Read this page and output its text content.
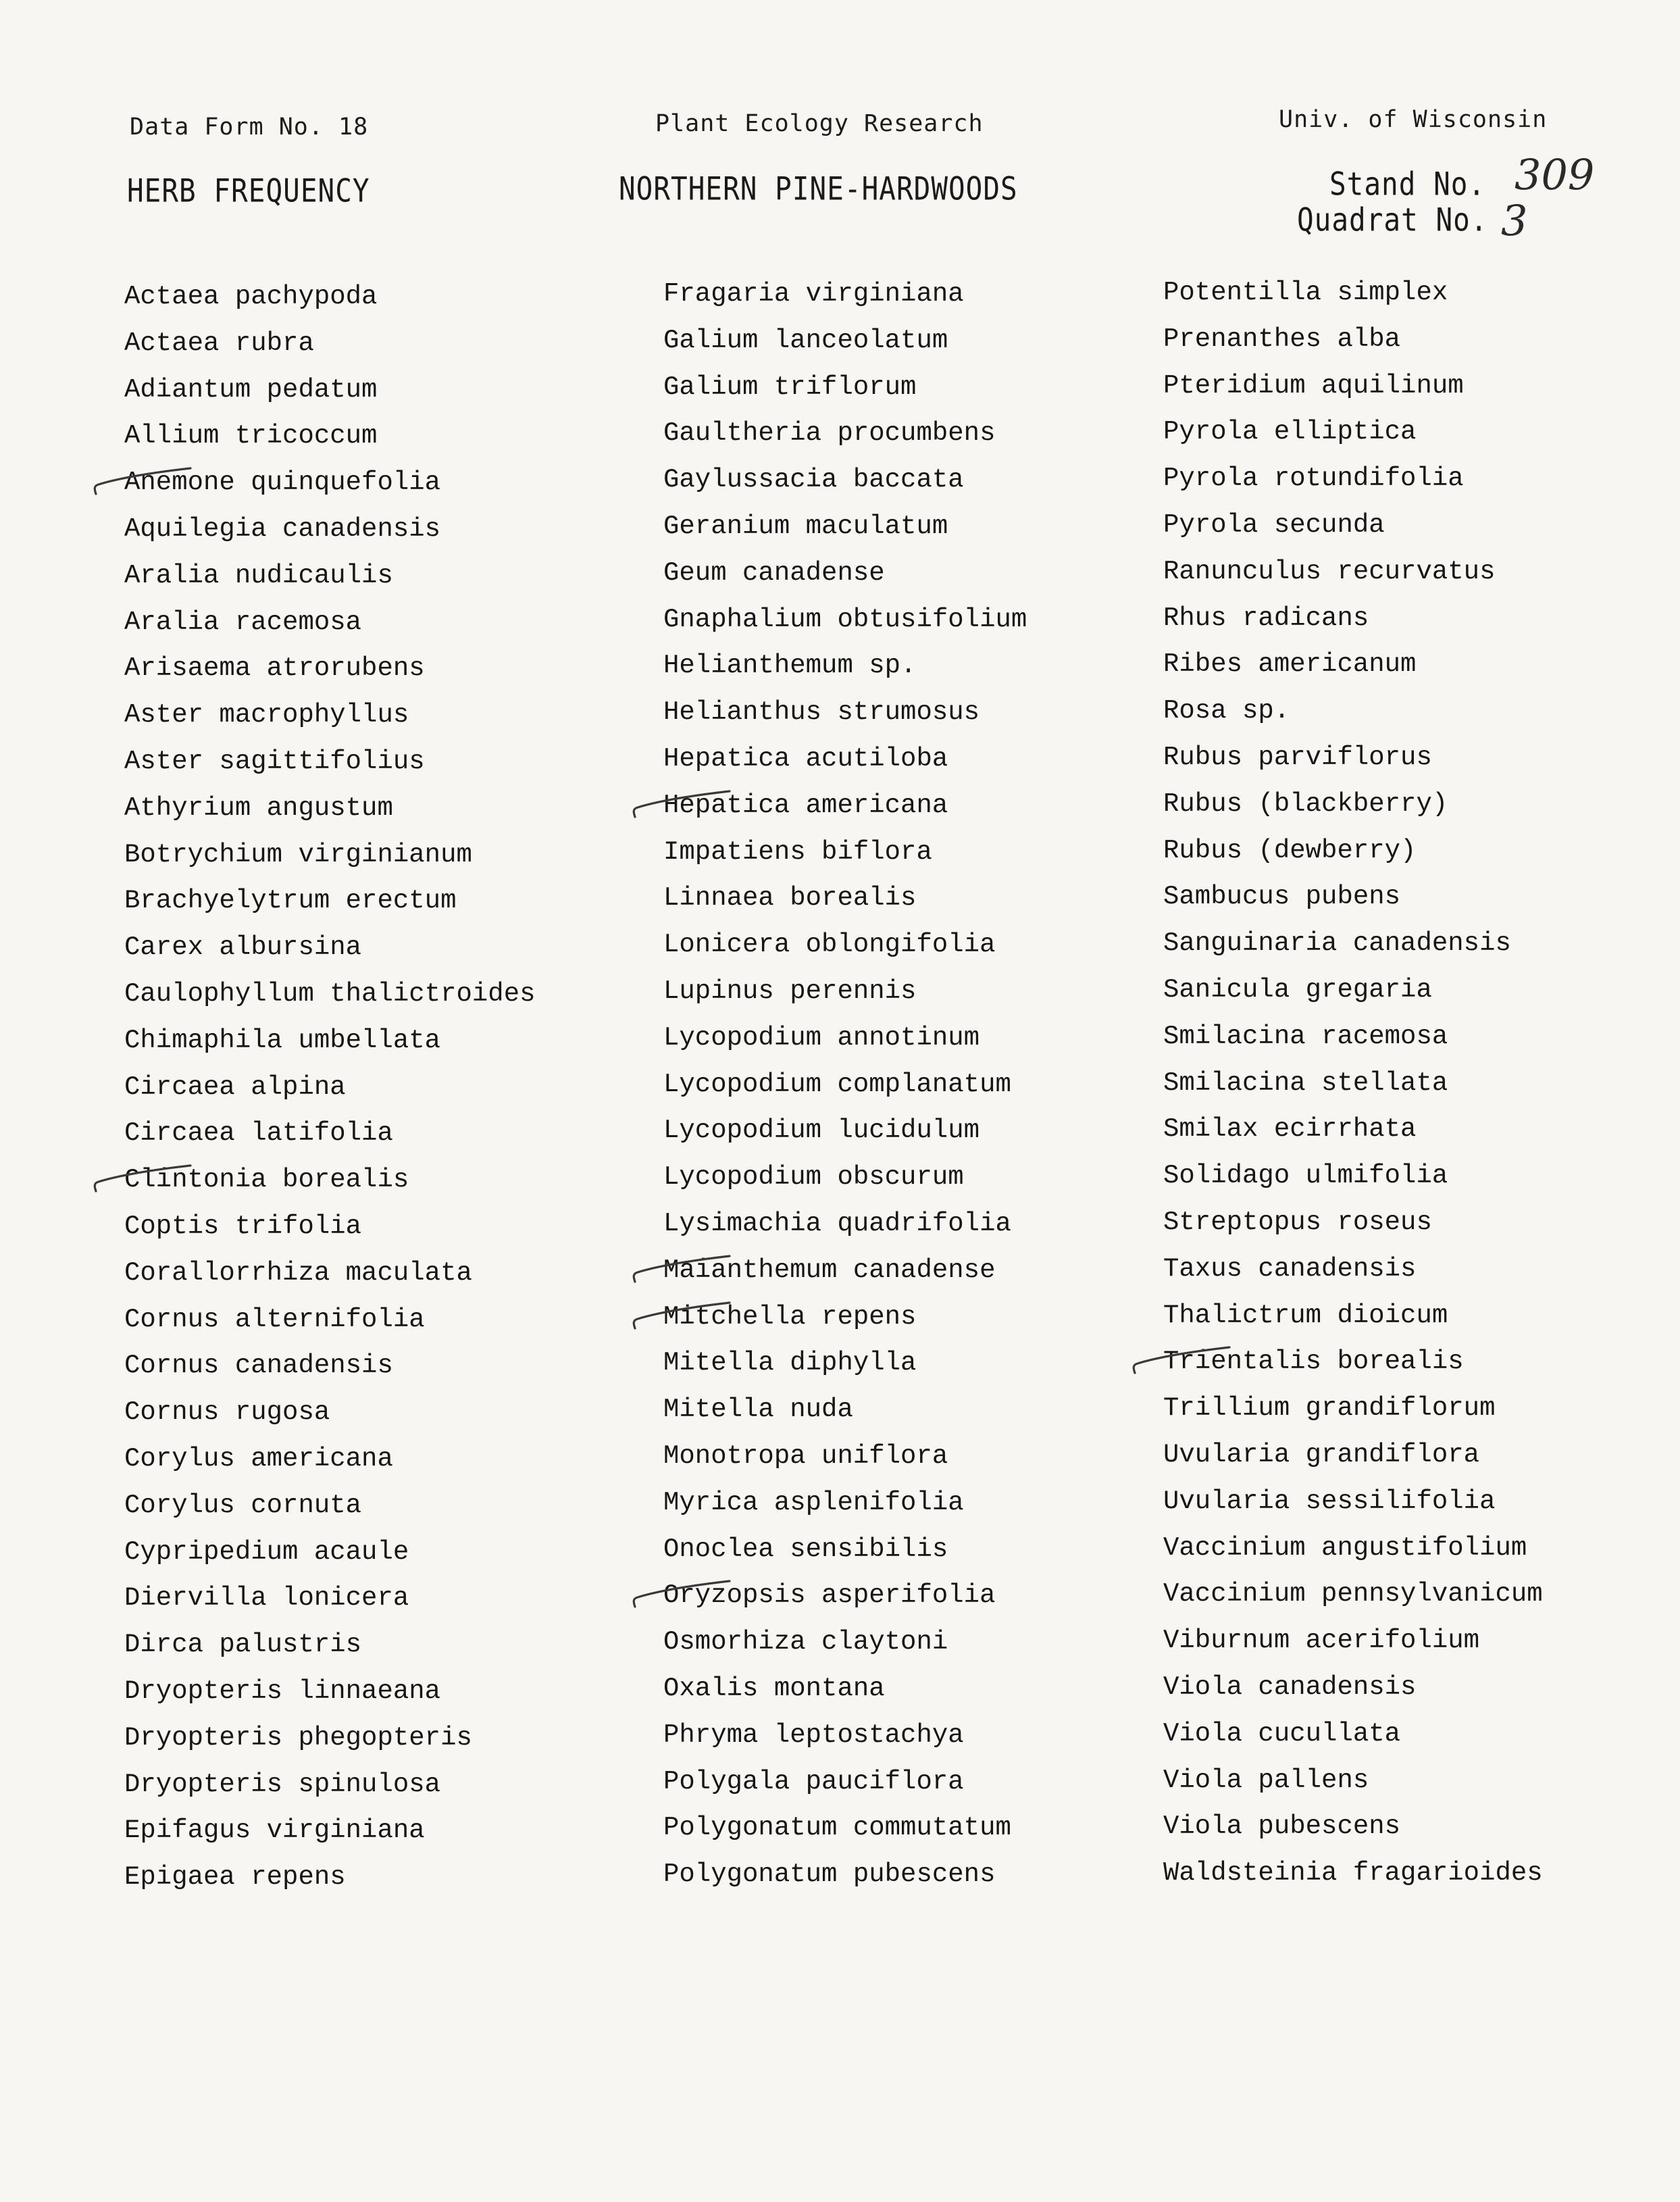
Data Form No. 18	Plant Ecology Research	Univ. of Wisconsin
HERB FREQUENCY	NORTHERN PINE-HARDWOODS	Stand No. 309
Quadrat No. 3
Actaea pachypoda
Actaea rubra
Adiantum pedatum
Allium tricoccum
Anemone quinquefolia
Aquilegia canadensis
Aralia nudicaulis
Aralia racemosa
Arisaema atrorubens
Aster macrophyllus
Aster sagittifolius
Athyrium angustum
Botrychium virginianum
Brachyelytrum erectum
Carex albursina
Caulophyllum thalictroides
Chimaphila umbellata
Circaea alpina
Circaea latifolia
Clintonia borealis
Coptis trifolia
Corallorrhiza maculata
Cornus alternifolia
Cornus canadensis
Cornus rugosa
Corylus americana
Corylus cornuta
Cypripedium acaule
Diervilla lonicera
Dirca palustris
Dryopteris linnaeana
Dryopteris phegopteris
Dryopteris spinulosa
Epifagus virginiana
Epigaea repens
Fragaria virginiana
Galium lanceolatum
Galium triflorum
Gaultheria procumbens
Gaylussacia baccata
Geranium maculatum
Geum canadense
Gnaphalium obtusifolium
Helianthemum sp.
Helianthus strumosus
Hepatica acutiloba
Hepatica americana
Impatiens biflora
Linnaea borealis
Lonicera oblongifolia
Lupinus perennis
Lycopodium annotinum
Lycopodium complanatum
Lycopodium lucidulum
Lycopodium obscurum
Lysimachia quadrifolia
Maianthemum canadense
Mitchella repens
Mitella diphylla
Mitella nuda
Monotropa uniflora
Myrica asplenifolia
Onoclea sensibilis
Oryzopsis asperifolia
Osmorhiza claytoni
Oxalis montana
Phryma leptostachya
Polygala pauciflora
Polygonatum commutatum
Polygonatum pubescens
Potentilla simplex
Prenanthes alba
Pteridium aquilinum
Pyrola elliptica
Pyrola rotundifolia
Pyrola secunda
Ranunculus recurvatus
Rhus radicans
Ribes americanum
Rosa sp.
Rubus parviflorus
Rubus (blackberry)
Rubus (dewberry)
Sambucus pubens
Sanguinaria canadensis
Sanicula gregaria
Smilacina racemosa
Smilacina stellata
Smilax ecirrhata
Solidago ulmifolia
Streptopus roseus
Taxus canadensis
Thalictrum dioicum
Trientalis borealis
Trillium grandiflorum
Uvularia grandiflora
Uvularia sessilifolia
Vaccinium angustifolium
Vaccinium pennsylvanicum
Viburnum acerifolium
Viola canadensis
Viola cucullata
Viola pallens
Viola pubescens
Waldsteinia fragarioides
